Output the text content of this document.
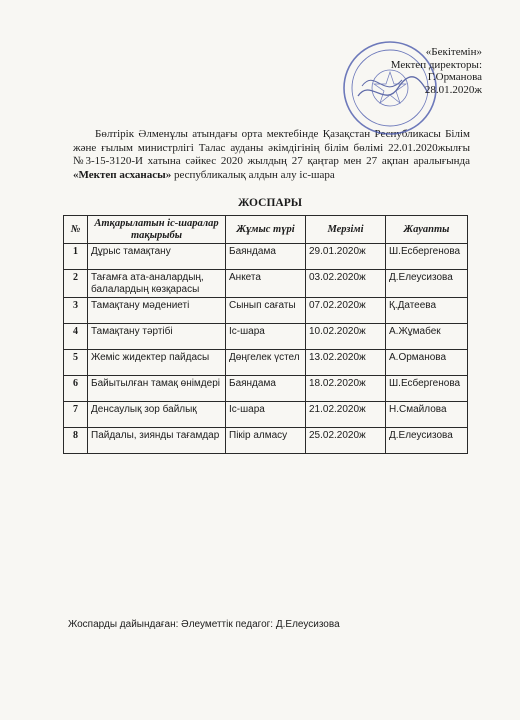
«Бекітемін»
Мектеп директоры:
Г.Орманова
28.01.2020ж
Бөлтірік Әлменұлы атындағы орта мектебінде Қазақстан Республикасы Білім және ғылым министрлігі Талас ауданы әкімдігінің білім бөлімі 22.01.2020жылғы №3-15-3120-И хатына сәйкес 2020 жылдың 27 қаңтар мен 27 ақпан аралығында «Мектеп асханасы» республикалық алдын алу іс-шара
ЖОСПАРЫ
№	Атқарылатын іс-шаралар тақырыбы	Жұмыс түрі	Мерзімі	Жауапты
1	Дұрыс тамақтану	Баяндама	29.01.2020ж	Ш.Есбергенова
2	Тағамға ата-аналардың, балалардың көзқарасы	Анкета	03.02.2020ж	Д.Елеусизова
3	Тамақтану мәдениеті	Сынып сағаты	07.02.2020ж	Қ.Датеева
4	Тамақтану тәртібі	Іс-шара	10.02.2020ж	А.Жұмабек
5	Жеміс жидектер пайдасы	Дөңгелек үстел	13.02.2020ж	А.Орманова
6	Байытылған тамақ өнімдері	Баяндама	18.02.2020ж	Ш.Есбергенова
7	Денсаулық зор байлық	Іс-шара	21.02.2020ж	Н.Смайлова
8	Пайдалы, зиянды тағамдар	Пікір алмасу	25.02.2020ж	Д.Елеусизова
Жоспарды дайындаған: Әлеуметтік педагог: Д.Елеусизова
